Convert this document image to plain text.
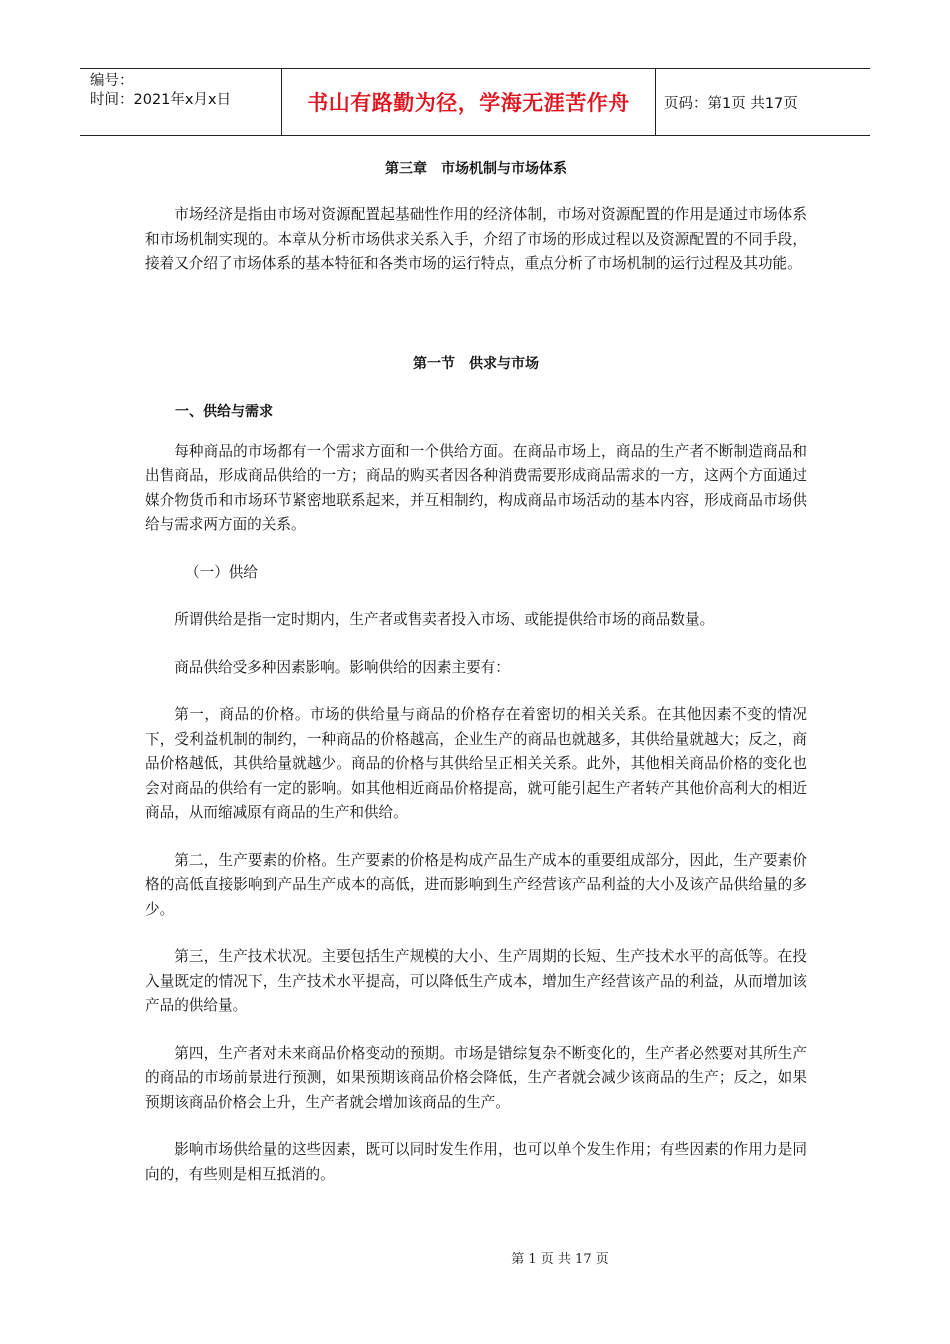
编号：
时间：2021年x月x日	书山有路勤为径，学海无涯苦作舟	页码：第1页 共17页
第三章　市场机制与市场体系

市场经济是指由市场对资源配置起基础性作用的经济体制，市场对资源配置的作用是通过市场体系和市场机制实现的。本章从分析市场供求关系入手，介绍了市场的形成过程以及资源配置的不同手段，接着又介绍了市场体系的基本特征和各类市场的运行特点，重点分析了市场机制的运行过程及其功能。

第一节　供求与市场
一、供给与需求

每种商品的市场都有一个需求方面和一个供给方面。在商品市场上，商品的生产者不断制造商品和出售商品，形成商品供给的一方；商品的购买者因各种消费需要形成商品需求的一方，这两个方面通过媒介物货币和市场环节紧密地联系起来，并互相制约，构成商品市场活动的基本内容，形成商品市场供给与需求两方面的关系。

（一）供给

所谓供给是指一定时期内，生产者或售卖者投入市场、或能提供给市场的商品数量。

商品供给受多种因素影响。影响供给的因素主要有：

第一，商品的价格。市场的供给量与商品的价格存在着密切的相关关系。在其他因素不变的情况下，受利益机制的制约，一种商品的价格越高，企业生产的商品也就越多，其供给量就越大；反之，商品价格越低，其供给量就越少。商品的价格与其供给呈正相关关系。此外，其他相关商品价格的变化也会对商品的供给有一定的影响。如其他相近商品价格提高，就可能引起生产者转产其他价高利大的相近商品，从而缩减原有商品的生产和供给。

第二，生产要素的价格。生产要素的价格是构成产品生产成本的重要组成部分，因此，生产要素价格的高低直接影响到产品生产成本的高低，进而影响到生产经营该产品利益的大小及该产品供给量的多少。

第三，生产技术状况。主要包括生产规模的大小、生产周期的长短、生产技术水平的高低等。在投入量既定的情况下，生产技术水平提高，可以降低生产成本，增加生产经营该产品的利益，从而增加该产品的供给量。

第四，生产者对未来商品价格变动的预期。市场是错综复杂不断变化的，生产者必然要对其所生产的商品的市场前景进行预测，如果预期该商品价格会降低，生产者就会减少该商品的生产；反之，如果预期该商品价格会上升，生产者就会增加该商品的生产。

影响市场供给量的这些因素，既可以同时发生作用，也可以单个发生作用；有些因素的作用力是同向的，有些则是相互抵消的。

第 1 页 共 17 页
